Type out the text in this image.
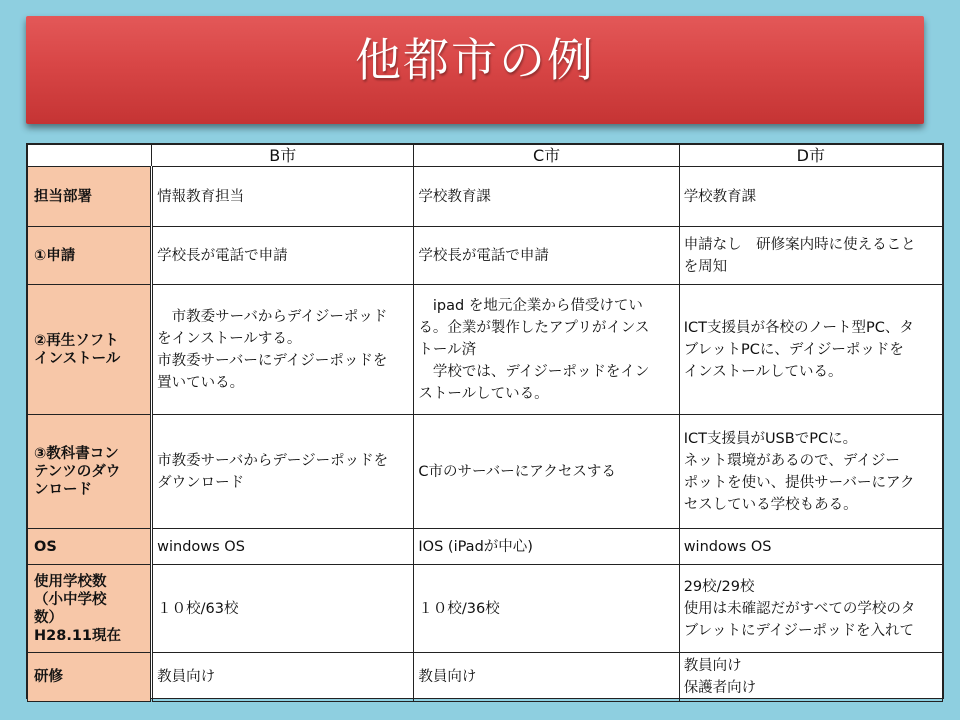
他都市の例
	B市	C市	D市

担当部署	情報教育担当	学校教育課	学校教育課

①申請	学校長が電話で申請	学校長が電話で申請	申請なし　研修案内時に使えること
を周知

②再生ソフト
インストール	　市教委サーバからデイジーポッド
をインストールする。
市教委サーバーにデイジーポッドを
置いている。	　ipad を地元企業から借受けてい
る。企業が製作したアプリがインス
トール済
　学校では、デイジーポッドをイン
ストールしている。	ICT支援員が各校のノート型PC、タ
ブレットPCに、デイジーポッドを
インストールしている。

③教科書コン
テンツのダウ
ンロード	市教委サーバからデージーポッドを
ダウンロード	C市のサーバーにアクセスする	ICT支援員がUSBでPCに。
ネット環境があるので、デイジー
ポットを使い、提供サーバーにアク
セスしている学校もある。

OS	windows OS	IOS (iPadが中心)	windows OS

使用学校数
（小中学校
数）
H28.11現在	１０校/63校	１０校/36校	29校/29校
使用は未確認だがすべての学校のタ
ブレットにデイジーポッドを入れて

研修	教員向け	教員向け	教員向け
保護者向け
